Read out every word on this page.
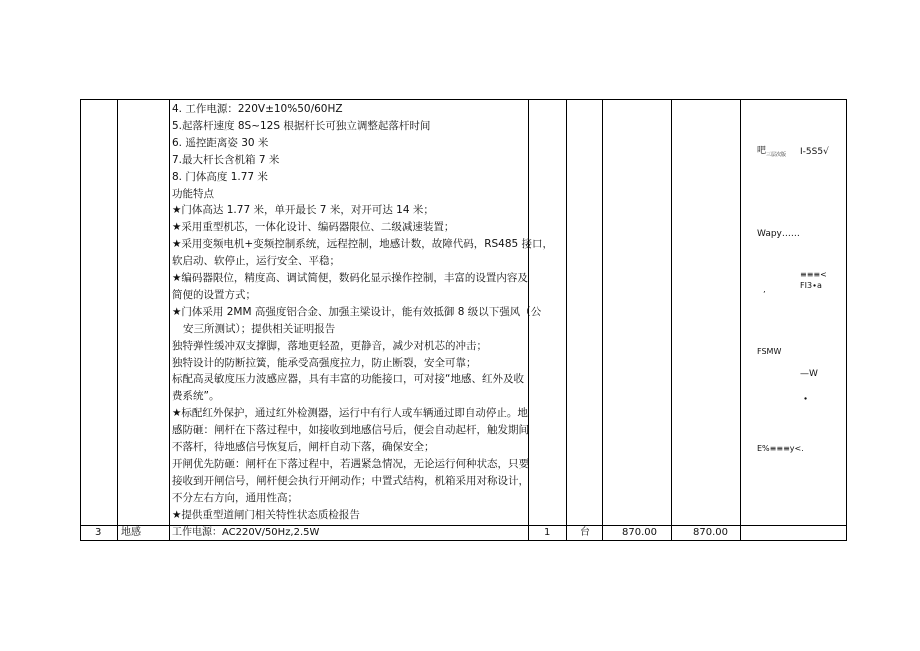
4. 工作电源：220V±10%50/60HZ
5.起落杆速度 8S~12S 根据杆长可独立调整起落杆时间
6. 遥控距离姿 30 米
7.最大杆长含机箱 7 米
8. 门体高度 1.77 米
功能特点
★门体高达 1.77 米，单开最长 7 米，对开可达 14 米；
★采用重型机芯，一体化设计、编码器限位、二级减速装置；
★采用变频电机+变频控制系统，远程控制，地感计数，故障代码，RS485 接口，
软启动、软停止，运行安全、平稳；
★编码器限位，精度高、调试简便，数码化显示操作控制，丰富的设置内容及
简便的设置方式；
★门体采用 2MM 高强度铝合金、加强主梁设计，能有效抵御 8 级以下强风（公
安三所测试）；提供相关证明报告
独特弹性缓冲双支撑脚，落地更轻盈，更静音，减少对机芯的冲击；
独特设计的防断拉簧，能承受高强度拉力，防止断裂，安全可靠；
标配高灵敏度压力波感应器，具有丰富的功能接口，可对接“地感、红外及收
费系统”。
★标配红外保护，通过红外检测器，运行中有行人或车辆通过即自动停止。地
感防砸：闸杆在下落过程中，如接收到地感信号后，便会自动起杆，触发期间
不落杆，待地感信号恢复后，闸杆自动下落，确保安全；
开闸优先防砸：闸杆在下落过程中，若遇紧急情况，无论运行何种状态，只要
接收到开闸信号，闸杆便会执行开闸动作；中置式结构，机箱采用对称设计，
不分左右方向，通用性高；
★提供重型道闸门相关特性状态质检报告
吧 三层次版
Wapy……
’
FSMW
E%≡≡≡y<.
I-5S5√
≡≡≡<
FI3∙a
—W
∙
3 地感	工作电源：AC220V/50Hz,2.5W	1	台	870.00	870.00
